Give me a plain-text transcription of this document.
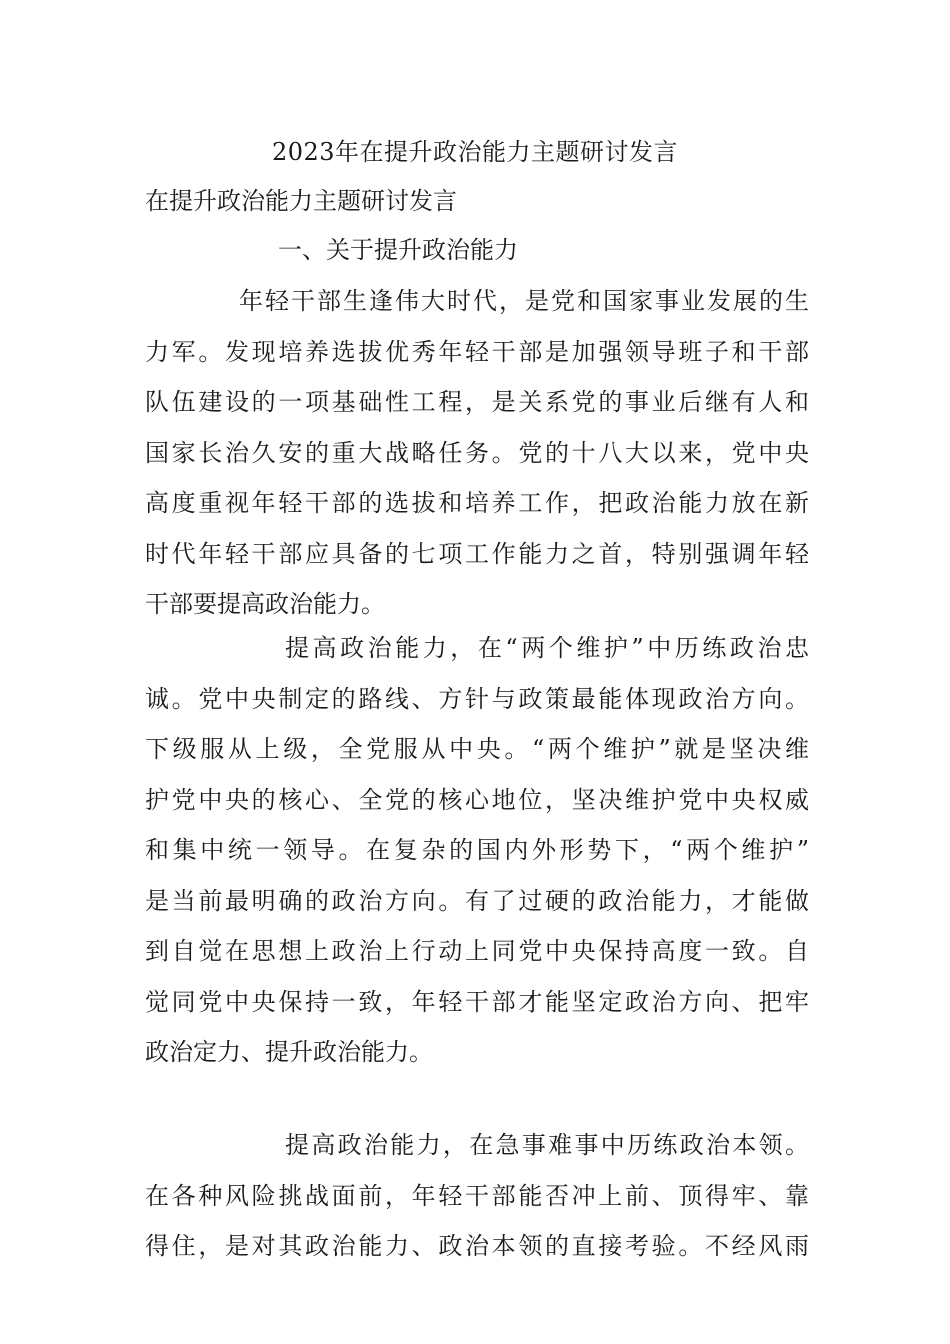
2023年在提升政治能力主题研讨发言

在提升政治能力主题研讨发言

一、关于提升政治能力
年轻干部生逢伟大时代，是党和国家事业发展的生
力军。发现培养选拔优秀年轻干部是加强领导班子和干部
队伍建设的一项基础性工程，是关系党的事业后继有人和
国家长治久安的重大战略任务。党的十八大以来，党中央
高度重视年轻干部的选拔和培养工作，把政治能力放在新
时代年轻干部应具备的七项工作能力之首，特别强调年轻
干部要提高政治能力。
提高政治能力，在“两个维护”中历练政治忠
诚。党中央制定的路线、方针与政策最能体现政治方向。
下级服从上级，全党服从中央。“两个维护”就是坚决维
护党中央的核心、全党的核心地位，坚决维护党中央权威
和集中统一领导。在复杂的国内外形势下，“两个维护”
是当前最明确的政治方向。有了过硬的政治能力，才能做
到自觉在思想上政治上行动上同党中央保持高度一致。自
觉同党中央保持一致，年轻干部才能坚定政治方向、把牢
政治定力、提升政治能力。
提高政治能力，在急事难事中历练政治本领。
在各种风险挑战面前，年轻干部能否冲上前、顶得牢、靠
得住，是对其政治能力、政治本领的直接考验。不经风雨
